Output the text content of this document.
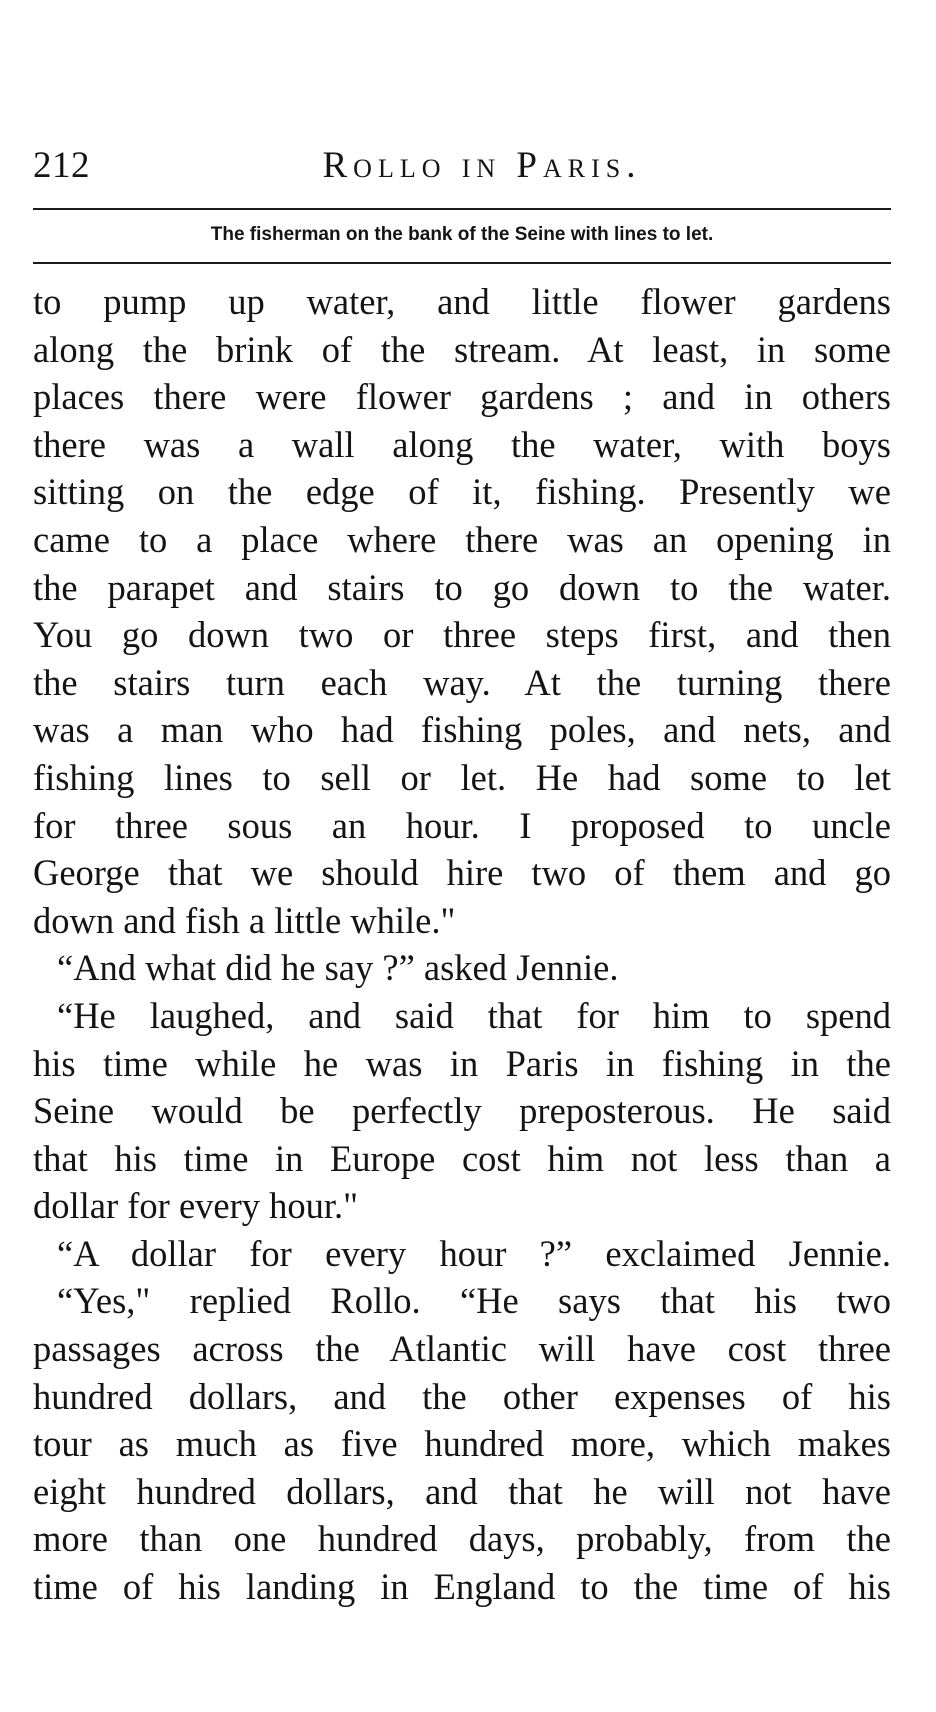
212	Rollo in Paris.
The fisherman on the bank of the Seine with lines to let.
to pump up water, and little flower gardens
along the brink of the stream. At least, in some
places there were flower gardens ; and in others
there was a wall along the water, with boys
sitting on the edge of it, fishing. Presently we
came to a place where there was an opening in
the parapet and stairs to go down to the water.
You go down two or three steps first, and then
the stairs turn each way. At the turning there
was a man who had fishing poles, and nets, and
fishing lines to sell or let. He had some to let
for three sous an hour. I proposed to uncle
George that we should hire two of them and go
down and fish a little while."
“And what did he say ?” asked Jennie.
“He laughed, and said that for him to spend
his time while he was in Paris in fishing in the
Seine would be perfectly preposterous. He said
that his time in Europe cost him not less than a
dollar for every hour."
“A dollar for every hour ?” exclaimed Jennie.
“Yes," replied Rollo. “He says that his two
passages across the Atlantic will have cost three
hundred dollars, and the other expenses of his
tour as much as five hundred more, which makes
eight hundred dollars, and that he will not have
more than one hundred days, probably, from the
time of his landing in England to the time of his
